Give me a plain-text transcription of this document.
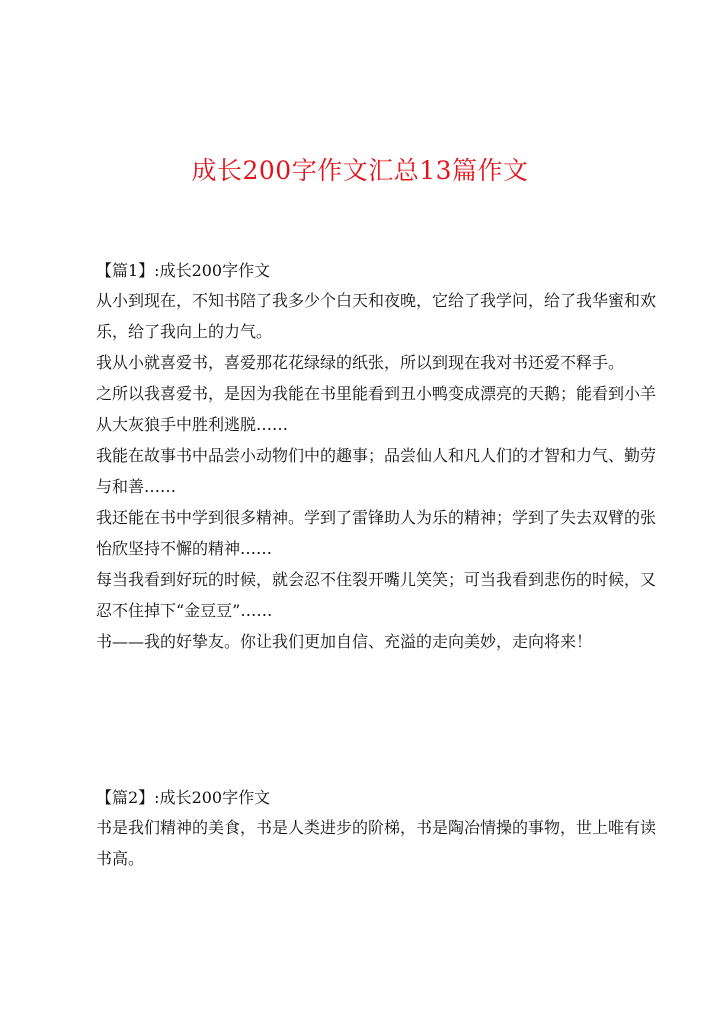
成长200字作文汇总13篇作文
【篇1】:成长200字作文

从小到现在，不知书陪了我多少个白天和夜晚，它给了我学问，给了我华蜜和欢乐，给了我向上的力气。

我从小就喜爱书，喜爱那花花绿绿的纸张，所以到现在我对书还爱不释手。

之所以我喜爱书，是因为我能在书里能看到丑小鸭变成漂亮的天鹅；能看到小羊从大灰狼手中胜利逃脱……

我能在故事书中品尝小动物们中的趣事；品尝仙人和凡人们的才智和力气、勤劳与和善……

我还能在书中学到很多精神。学到了雷锋助人为乐的精神；学到了失去双臂的张怡欣坚持不懈的精神……

每当我看到好玩的时候，就会忍不住裂开嘴儿笑笑；可当我看到悲伤的时候，又忍不住掉下“金豆豆”……

书——我的好挚友。你让我们更加自信、充溢的走向美妙，走向将来！

【篇2】:成长200字作文

书是我们精神的美食，书是人类进步的阶梯，书是陶冶情操的事物，世上唯有读书高。
